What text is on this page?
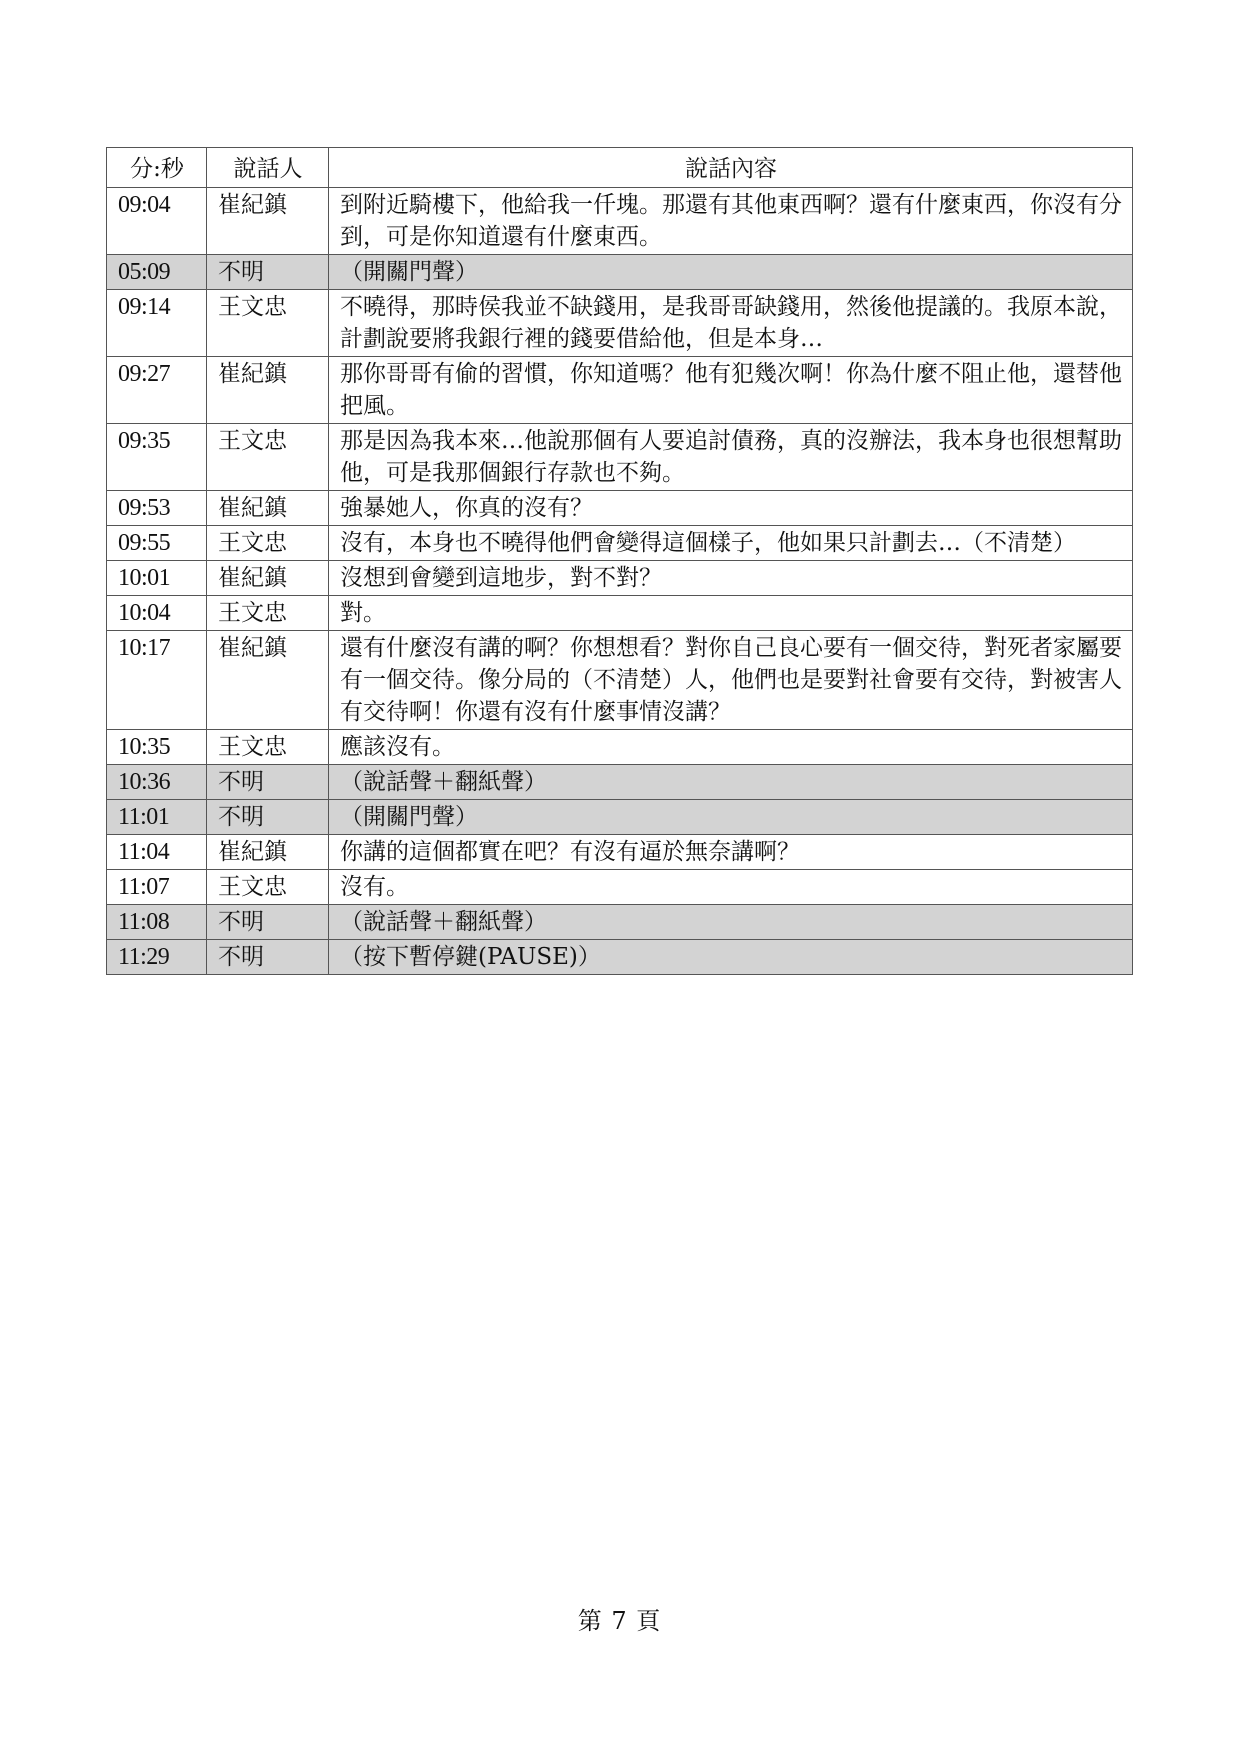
分:秒	說話人	說話內容
09:04	崔紀鎮	到附近騎樓下，他給我一仟塊。那還有其他東西啊？還有什麼東西，你沒有分到，可是你知道還有什麼東西。
05:09	不明	（開關門聲）
09:14	王文忠	不曉得，那時侯我並不缺錢用，是我哥哥缺錢用，然後他提議的。我原本說，計劃說要將我銀行裡的錢要借給他，但是本身…
09:27	崔紀鎮	那你哥哥有偷的習慣，你知道嗎？他有犯幾次啊！你為什麼不阻止他，還替他把風。
09:35	王文忠	那是因為我本來…他說那個有人要追討債務，真的沒辦法，我本身也很想幫助他，可是我那個銀行存款也不夠。
09:53	崔紀鎮	強暴她人，你真的沒有？
09:55	王文忠	沒有，本身也不曉得他們會變得這個樣子，他如果只計劃去…（不清楚）
10:01	崔紀鎮	沒想到會變到這地步，對不對？
10:04	王文忠	對。
10:17	崔紀鎮	還有什麼沒有講的啊？你想想看？對你自己良心要有一個交待，對死者家屬要有一個交待。像分局的（不清楚）人，他們也是要對社會要有交待，對被害人有交待啊！你還有沒有什麼事情沒講？
10:35	王文忠	應該沒有。
10:36	不明	（說話聲＋翻紙聲）
11:01	不明	（開關門聲）
11:04	崔紀鎮	你講的這個都實在吧？有沒有逼於無奈講啊？
11:07	王文忠	沒有。
11:08	不明	（說話聲＋翻紙聲）
11:29	不明	（按下暫停鍵(PAUSE)）
第 7 頁
